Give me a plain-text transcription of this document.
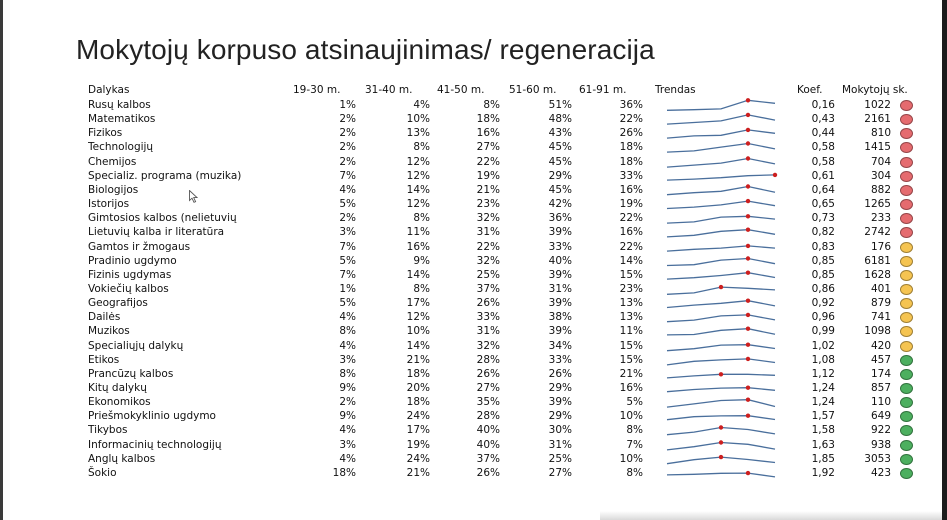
Mokytojų korpuso atsinaujinimas/ regeneracija
Dalykas	19-30 m. 31-40 m. 41-50 m. 51-60 m. 61-91 m.	Trendas	Koef. Mokytojų sk.
Rusų kalbos	1%	4%	8%	51%	36%	0,16	1022
Matematikos	2%	10%	18%	48%	22%	0,43	2161
Fizikos	2%	13%	16%	43%	26%	0,44	810
Technologijų	2%	8%	27%	45%	18%	0,58	1415
Chemijos	2%	12%	22%	45%	18%	0,58	704
Specializ. programa (muzika)	7%	12%	19%	29%	33%	0,61	304
Biologijos	4%	14%	21%	45%	16%	0,64	882
Istorijos	5%	12%	23%	42%	19%	0,65	1265
Gimtosios kalbos (nelietuvių	2%	8%	32%	36%	22%	0,73	233
Lietuvių kalba ir literatūra	3%	11%	31%	39%	16%	0,82	2742
Gamtos ir žmogaus	7%	16%	22%	33%	22%	0,83	176
Pradinio ugdymo	5%	9%	32%	40%	14%	0,85	6181
Fizinis ugdymas	7%	14%	25%	39%	15%	0,85	1628
Vokiečių kalbos	1%	8%	37%	31%	23%	0,86	401
Geografijos	5%	17%	26%	39%	13%	0,92	879
Dailės	4%	12%	33%	38%	13%	0,96	741
Muzikos	8%	10%	31%	39%	11%	0,99	1098
Specialiųjų dalykų	4%	14%	32%	34%	15%	1,02	420
Etikos	3%	21%	28%	33%	15%	1,08	457
Prancūzų kalbos	8%	18%	26%	26%	21%	1,12	174
Kitų dalykų	9%	20%	27%	29%	16%	1,24	857
Ekonomikos	2%	18%	35%	39%	5%	1,24	110
Priešmokyklinio ugdymo	9%	24%	28%	29%	10%	1,57	649
Tikybos	4%	17%	40%	30%	8%	1,58	922
Informacinių technologijų	3%	19%	40%	31%	7%	1,63	938
Anglų kalbos	4%	24%	37%	25%	10%	1,85	3053
Šokio	18%	21%	26%	27%	8%	1,92	423
